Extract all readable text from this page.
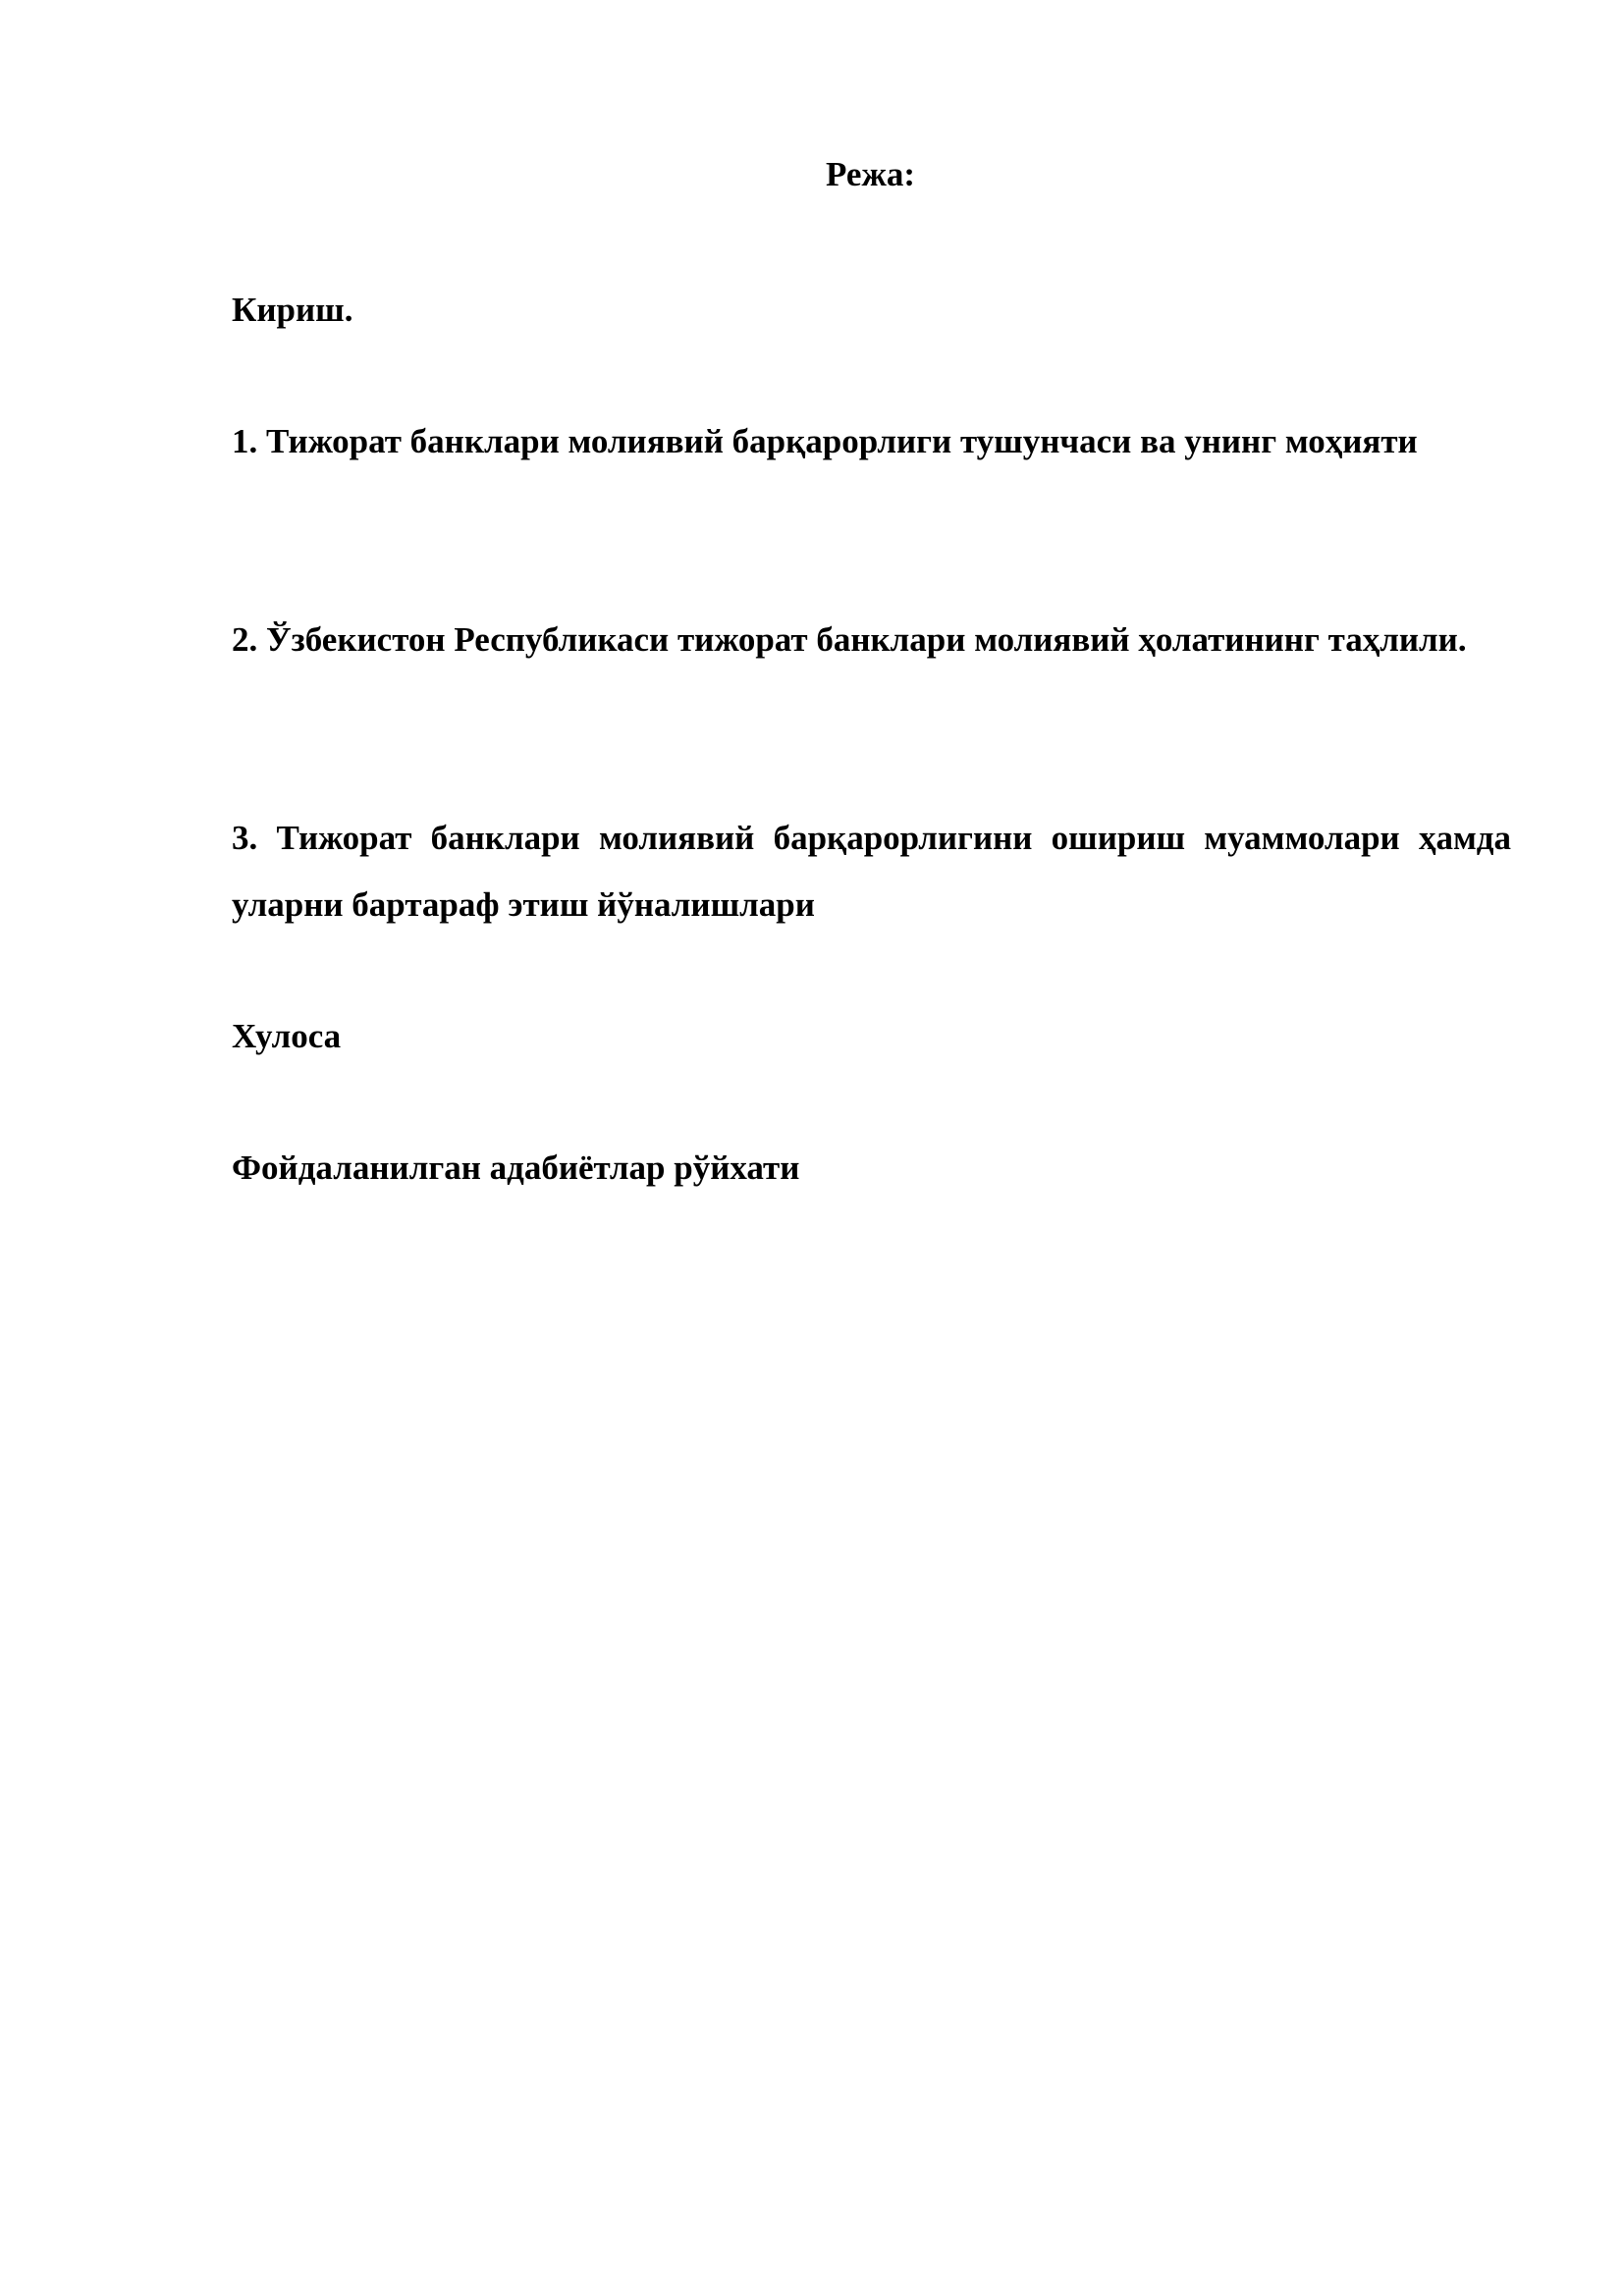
Режа:

Кириш.

1. Тижорат банклари молиявий барқарорлиги тушунчаси ва унинг моҳияти

2. Ўзбекистон Республикаси тижорат банклари молиявий ҳолатининг таҳлили.

3. Тижорат банклари молиявий барқарорлигини ошириш муаммолари ҳамда уларни бартараф этиш йўналишлари

Хулоса

Фойдаланилган адабиётлар рўйхати
